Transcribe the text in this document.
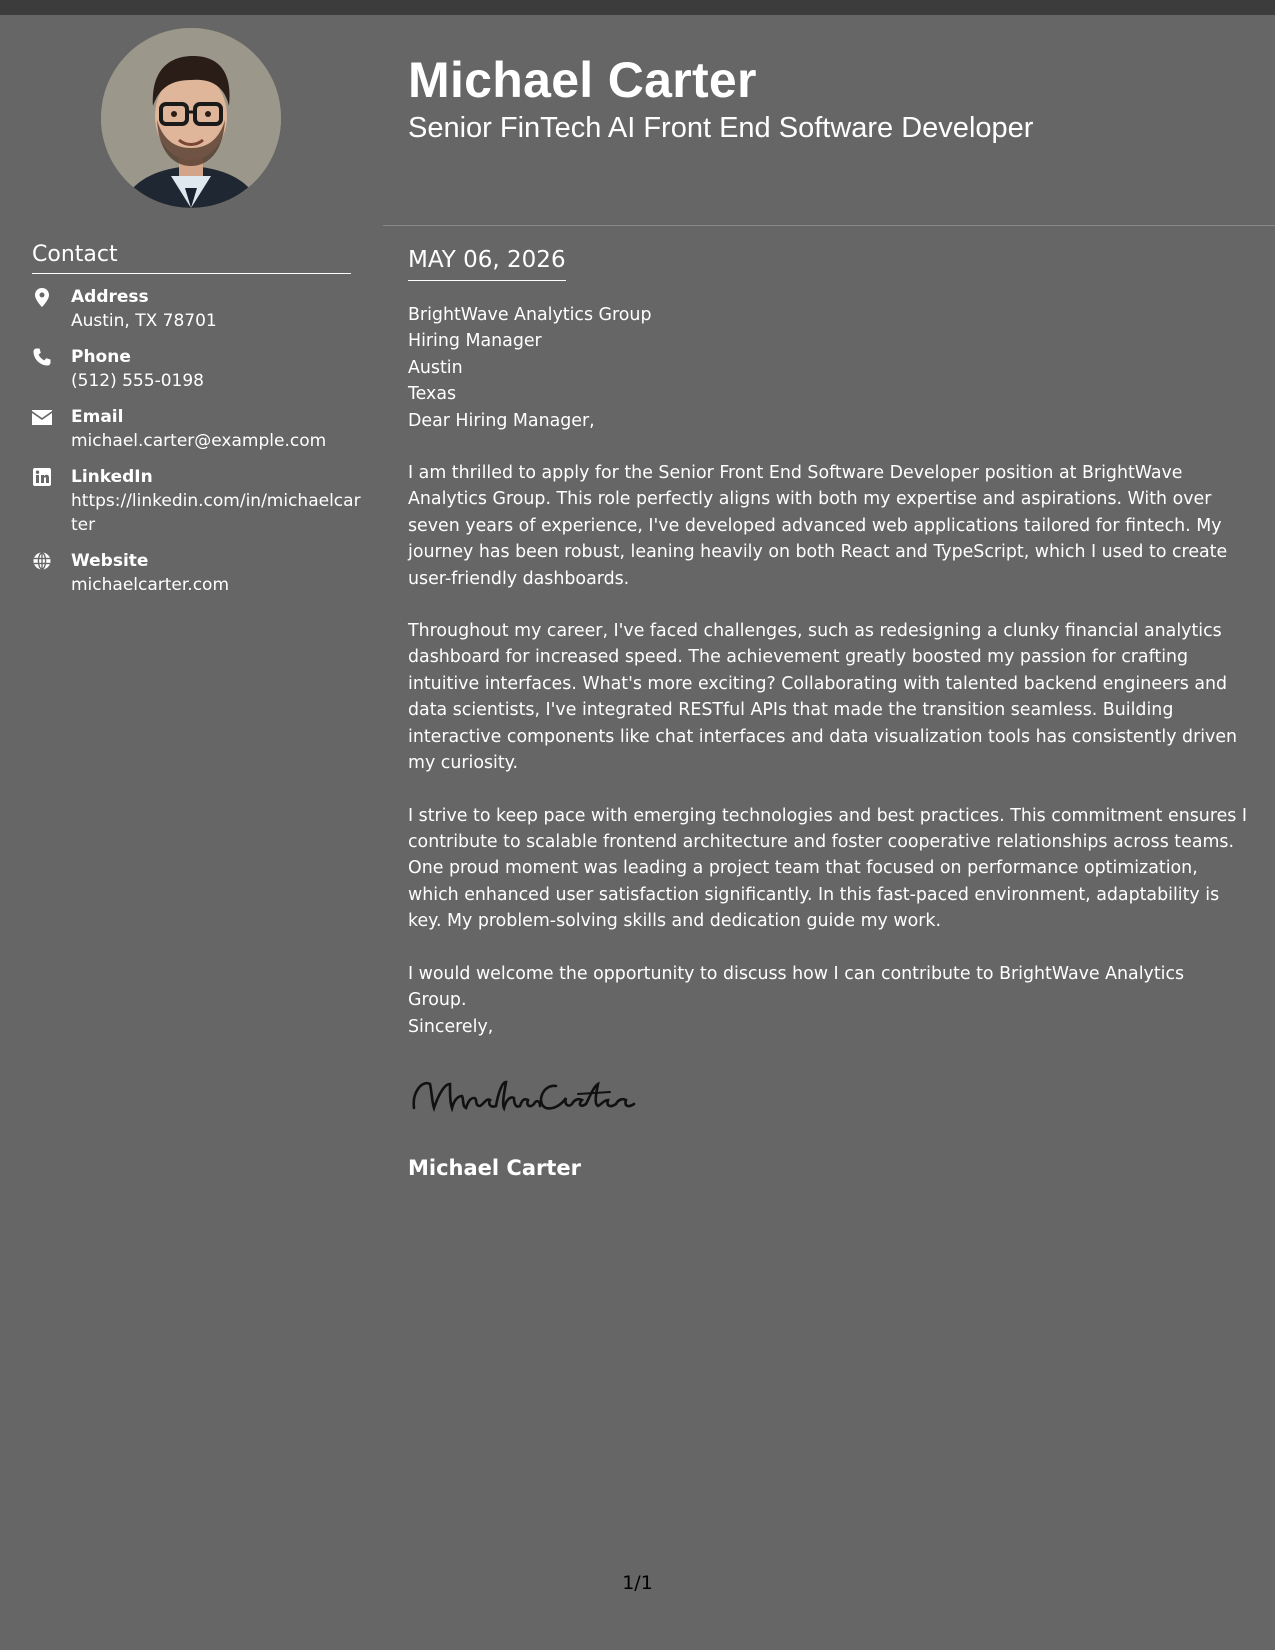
Contact
Address
Austin, TX 78701
Phone
(512) 555-0198
Email
michael.carter@example.com
LinkedIn
https://linkedin.com/in/michaelcarter
Website
michaelcarter.com
Michael Carter
Senior FinTech AI Front End Software Developer
MAY 06, 2026
BrightWave Analytics Group
Hiring Manager
Austin
Texas
Dear Hiring Manager,

I am thrilled to apply for the Senior Front End Software Developer position at BrightWave Analytics Group. This role perfectly aligns with both my expertise and aspirations. With over seven years of experience, I've developed advanced web applications tailored for fintech. My journey has been robust, leaning heavily on both React and TypeScript, which I used to create user-friendly dashboards.

Throughout my career, I've faced challenges, such as redesigning a clunky financial analytics dashboard for increased speed. The achievement greatly boosted my passion for crafting intuitive interfaces. What's more exciting? Collaborating with talented backend engineers and data scientists, I've integrated RESTful APIs that made the transition seamless. Building interactive components like chat interfaces and data visualization tools has consistently driven my curiosity.

I strive to keep pace with emerging technologies and best practices. This commitment ensures I contribute to scalable frontend architecture and foster cooperative relationships across teams. One proud moment was leading a project team that focused on performance optimization, which enhanced user satisfaction significantly. In this fast-paced environment, adaptability is key. My problem-solving skills and dedication guide my work.

I would welcome the opportunity to discuss how I can contribute to BrightWave Analytics Group.

Sincerely,
Michael Carter
1/1
